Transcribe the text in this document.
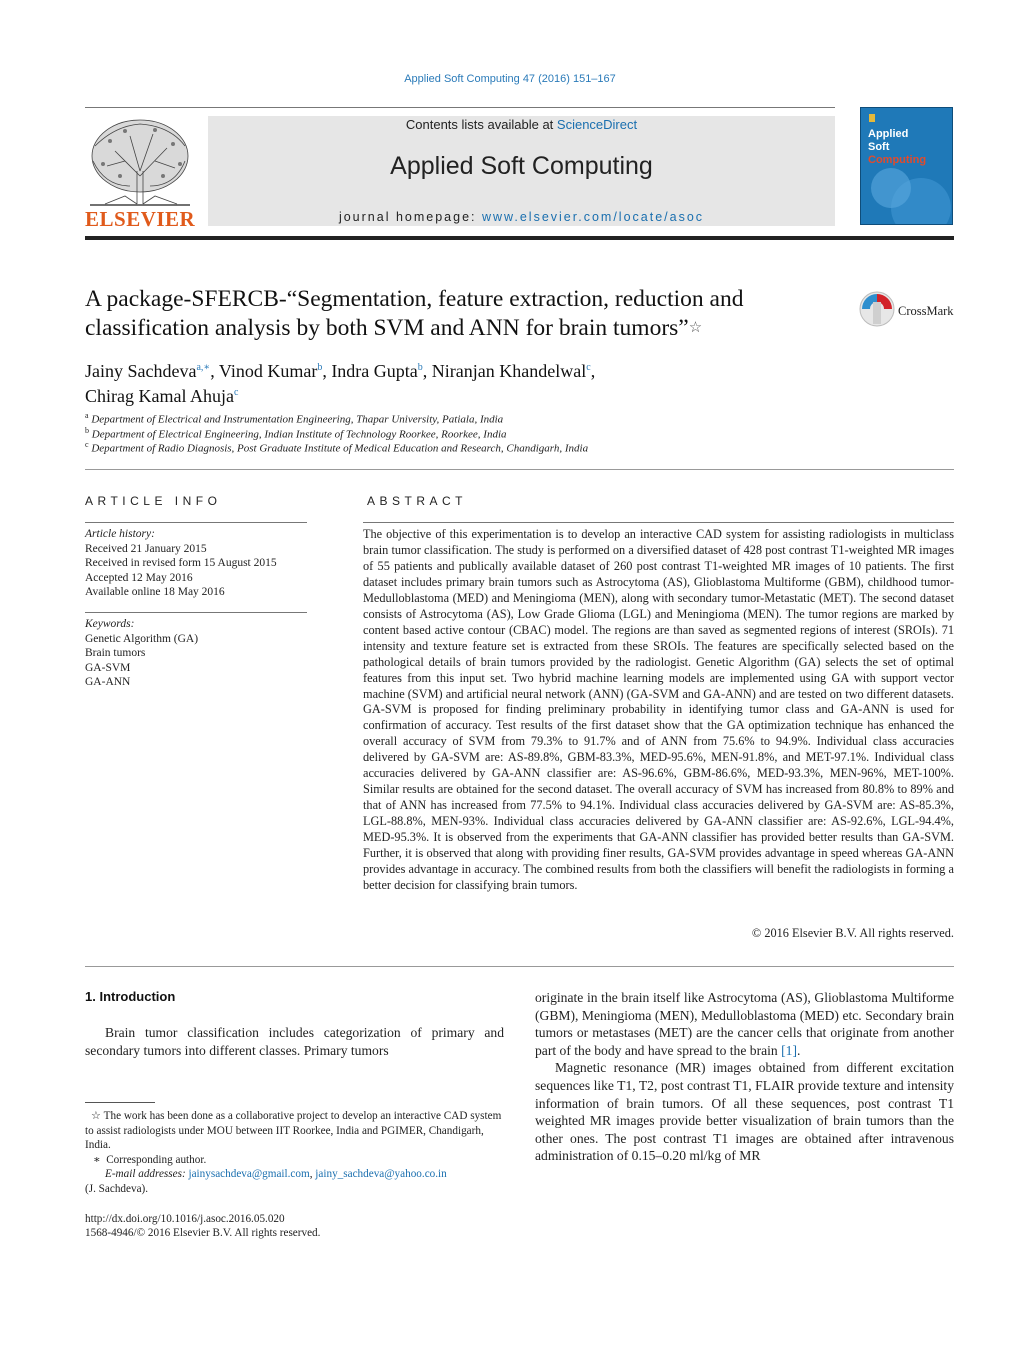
Applied Soft Computing 47 (2016) 151–167
ELSEVIER
Contents lists available at ScienceDirect
Applied Soft Computing
journal homepage: www.elsevier.com/locate/asoc
Applied
Soft
Computing
A package-SFERCB-“Segmentation, feature extraction, reduction and
classification analysis by both SVM and ANN for brain tumors”☆
CrossMark
Jainy Sachdeva$^{a,∗}$, Vinod Kumar$^b$, Indra Gupta$^b$, Niranjan Khandelwal$^c$,
Chirag Kamal Ahuja$^c$
$^a$ Department of Electrical and Instrumentation Engineering, Thapar University, Patiala, India
$^b$ Department of Electrical Engineering, Indian Institute of Technology Roorkee, Roorkee, India
$^c$ Department of Radio Diagnosis, Post Graduate Institute of Medical Education and Research, Chandigarh, India
ARTICLE INFO
Article history:
Received 21 January 2015
Received in revised form 15 August 2015
Accepted 12 May 2016
Available online 18 May 2016
Keywords:
Genetic Algorithm (GA)
Brain tumors
GA-SVM
GA-ANN
ABSTRACT
The objective of this experimentation is to develop an interactive CAD system for assisting radiologists in multiclass brain tumor classification. The study is performed on a diversified dataset of 428 post contrast T1-weighted MR images of 55 patients and publically available dataset of 260 post contrast T1-weighted MR images of 10 patients. The first dataset includes primary brain tumors such as Astrocytoma (AS), Glioblastoma Multiforme (GBM), childhood tumor-Medulloblastoma (MED) and Meningioma (MEN), along with secondary tumor-Metastatic (MET). The second dataset consists of Astrocytoma (AS), Low Grade Glioma (LGL) and Meningioma (MEN). The tumor regions are marked by content based active contour (CBAC) model. The regions are than saved as segmented regions of interest (SROIs). 71 intensity and texture feature set is extracted from these SROIs. The features are specifically selected based on the pathological details of brain tumors provided by the radiologist. Genetic Algorithm (GA) selects the set of optimal features from this input set. Two hybrid machine learning models are implemented using GA with support vector machine (SVM) and artificial neural network (ANN) (GA-SVM and GA-ANN) and are tested on two different datasets. GA-SVM is proposed for finding preliminary probability in identifying tumor class and GA-ANN is used for confirmation of accuracy. Test results of the first dataset show that the GA optimization technique has enhanced the overall accuracy of SVM from 79.3% to 91.7% and of ANN from 75.6% to 94.9%. Individual class accuracies delivered by GA-SVM are: AS-89.8%, GBM-83.3%, MED-95.6%, MEN-91.8%, and MET-97.1%. Individual class accuracies delivered by GA-ANN classifier are: AS-96.6%, GBM-86.6%, MED-93.3%, MEN-96%, MET-100%. Similar results are obtained for the second dataset. The overall accuracy of SVM has increased from 80.8% to 89% and that of ANN has increased from 77.5% to 94.1%. Individual class accuracies delivered by GA-SVM are: AS-85.3%, LGL-88.8%, MEN-93%. Individual class accuracies delivered by GA-ANN classifier are: AS-92.6%, LGL-94.4%, MED-95.3%. It is observed from the experiments that GA-ANN classifier has provided better results than GA-SVM. Further, it is observed that along with providing finer results, GA-SVM provides advantage in speed whereas GA-ANN provides advantage in accuracy. The combined results from both the classifiers will benefit the radiologists in forming a better decision for classifying brain tumors.
© 2016 Elsevier B.V. All rights reserved.
1. Introduction
Brain tumor classification includes categorization of primary and secondary tumors into different classes. Primary tumors
originate in the brain itself like Astrocytoma (AS), Glioblastoma Multiforme (GBM), Meningioma (MEN), Medulloblastoma (MED) etc. Secondary brain tumors or metastases (MET) are the cancer cells that originate from another part of the body and have spread to the brain [1].
Magnetic resonance (MR) images obtained from different excitation sequences like T1, T2, post contrast T1, FLAIR provide texture and intensity information of brain tumors. Of all these sequences, post contrast T1 weighted MR images provide better visualization of brain tumors than the other ones. The post contrast T1 images are obtained after intravenous administration of 0.15–0.20 ml/kg of MR
☆ The work has been done as a collaborative project to develop an interactive CAD system to assist radiologists under MOU between IIT Roorkee, India and PGIMER, Chandigarh, India.
∗ Corresponding author.
E-mail addresses: jainysachdeva@gmail.com, jainy_sachdeva@yahoo.co.in
(J. Sachdeva).
http://dx.doi.org/10.1016/j.asoc.2016.05.020
1568-4946/© 2016 Elsevier B.V. All rights reserved.
